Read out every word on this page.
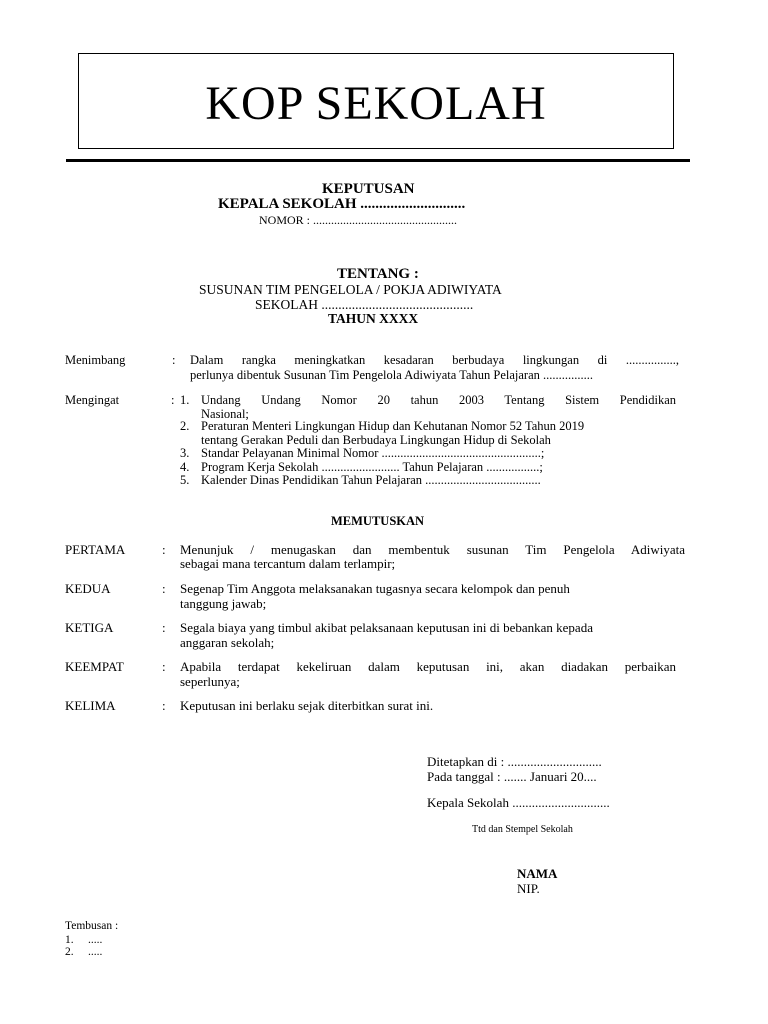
KOP SEKOLAH
KEPUTUSAN
KEPALA SEKOLAH ............................
NOMOR : ................................................
TENTANG :
SUSUNAN TIM PENGELOLA / POKJA ADIWIYATA
SEKOLAH .............................................
TAHUN XXXX
Menimbang	: Dalam rangka meningkatkan kesadaran berbudaya lingkungan di ................,
perlunya dibentuk Susunan Tim Pengelola Adiwiyata Tahun Pelajaran ................
Mengingat	: 1. Undang Undang Nomor 20 tahun 2003 Tentang Sistem Pendidikan
Nasional;
2. Peraturan Menteri Lingkungan Hidup dan Kehutanan Nomor 52 Tahun 2019
tentang Gerakan Peduli dan Berbudaya Lingkungan Hidup di Sekolah
3. Standar Pelayanan Minimal Nomor ...................................................;
4. Program Kerja Sekolah ......................... Tahun Pelajaran .................;
5. Kalender Dinas Pendidikan Tahun Pelajaran .....................................
MEMUTUSKAN
PERTAMA	: Menunjuk / menugaskan dan membentuk susunan Tim Pengelola Adiwiyata
sebagai mana tercantum dalam terlampir;
KEDUA	: Segenap Tim Anggota melaksanakan tugasnya secara kelompok dan penuh
tanggung jawab;
KETIGA	: Segala biaya yang timbul akibat pelaksanaan keputusan ini di bebankan kepada
anggaran sekolah;
KEEMPAT	: Apabila terdapat kekeliruan dalam keputusan ini, akan diadakan perbaikan
seperlunya;
KELIMA	: Keputusan ini berlaku sejak diterbitkan surat ini.
Ditetapkan di : .............................
Pada tanggal : ....... Januari 20....
Kepala Sekolah ..............................
Ttd dan Stempel Sekolah
NAMA
NIP.
Tembusan :
1. .....
2. .....
